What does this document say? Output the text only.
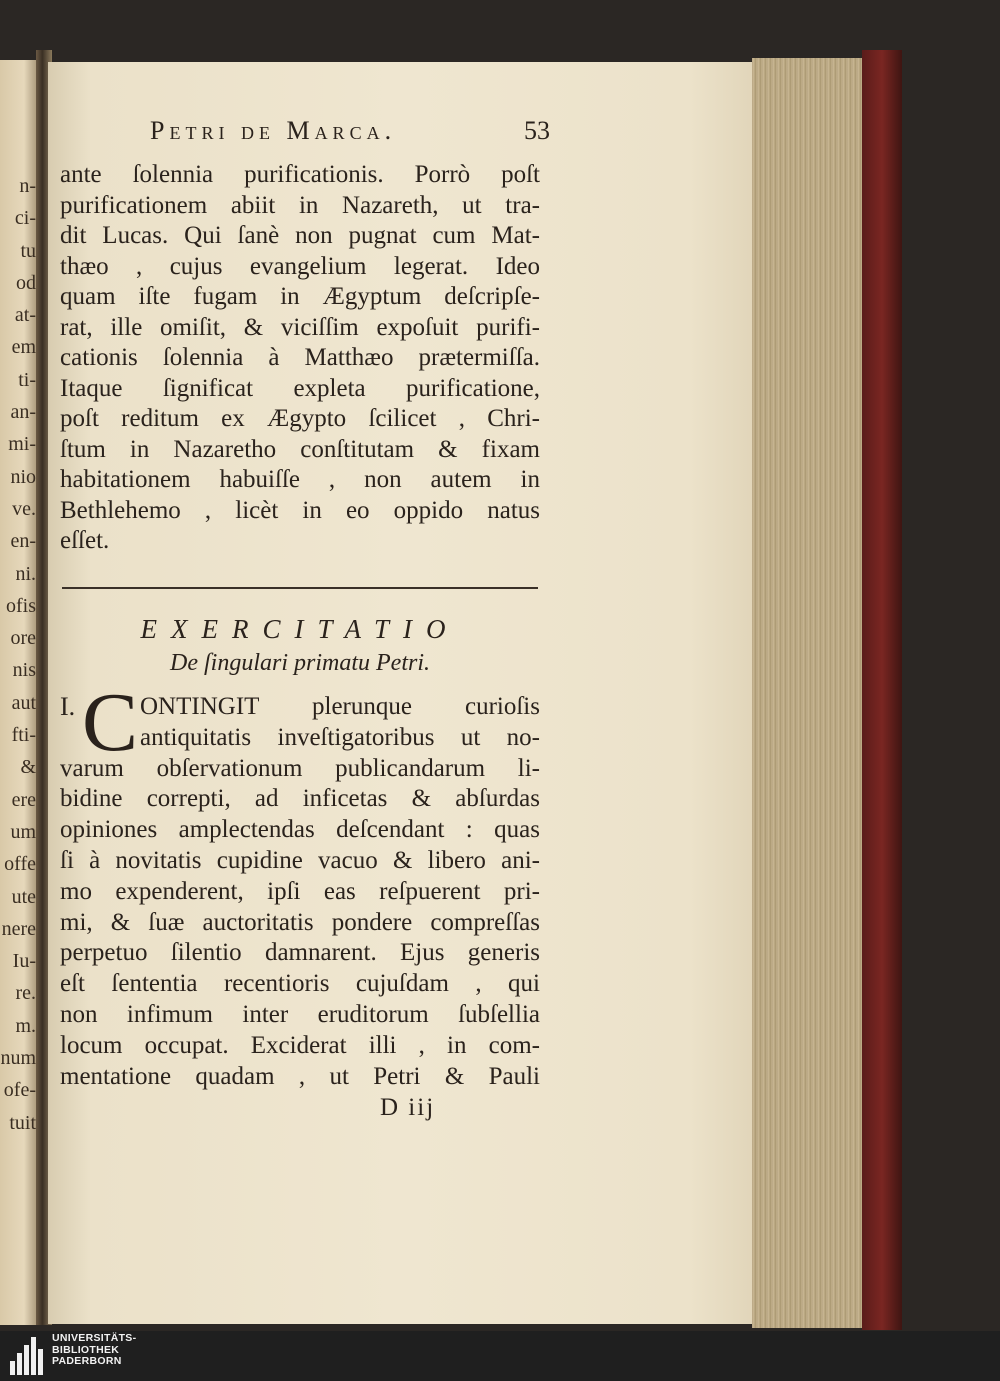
n-
ci-
tu
od
at-
em
ti-
an-
mi-
nio
ve.
en-
ni.
ofis
ore
nis
aut
fti-
&
ere
um
offe
ute
nere
Iu-
re.
m.
num
ofe-
tuit
Petri de Marca.	53
ante ſolennia purificationis. Porrò poſt
purificationem abiit in Nazareth, ut tra-
dit Lucas. Qui ſanè non pugnat cum Mat-
thæo , cujus evangelium legerat. Ideo
quam iſte fugam in Ægyptum deſcripſe-
rat, ille omiſit, & viciſſim expoſuit purifi-
cationis ſolennia à Matthæo prætermiſſa.
Itaque ſignificat expleta purificatione,
poſt reditum ex Ægypto ſcilicet , Chri-
ſtum in Nazaretho conſtitutam & fixam
habitationem habuiſſe , non autem in
Bethlehemo , licèt in eo oppido natus
eſſet.
EXERCITATIO
De ſingulari primatu Petri.
I. C ONTINGIT plerunque curioſis
antiquitatis inveſtigatoribus ut no-
varum obſervationum publicandarum li-
bidine correpti, ad inficetas & abſurdas
opiniones amplectendas deſcendant : quas
ſi à novitatis cupidine vacuo & libero ani-
mo expenderent, ipſi eas reſpuerent pri-
mi, & ſuæ auctoritatis pondere compreſſas
perpetuo ſilentio damnarent. Ejus generis
eſt ſententia recentioris cujuſdam , qui
non infimum inter eruditorum ſubſellia
locum occupat. Exciderat illi , in com-
mentatione quadam , ut Petri & Pauli
D iij
UNIVERSITÄTS-
BIBLIOTHEK
PADERBORN
